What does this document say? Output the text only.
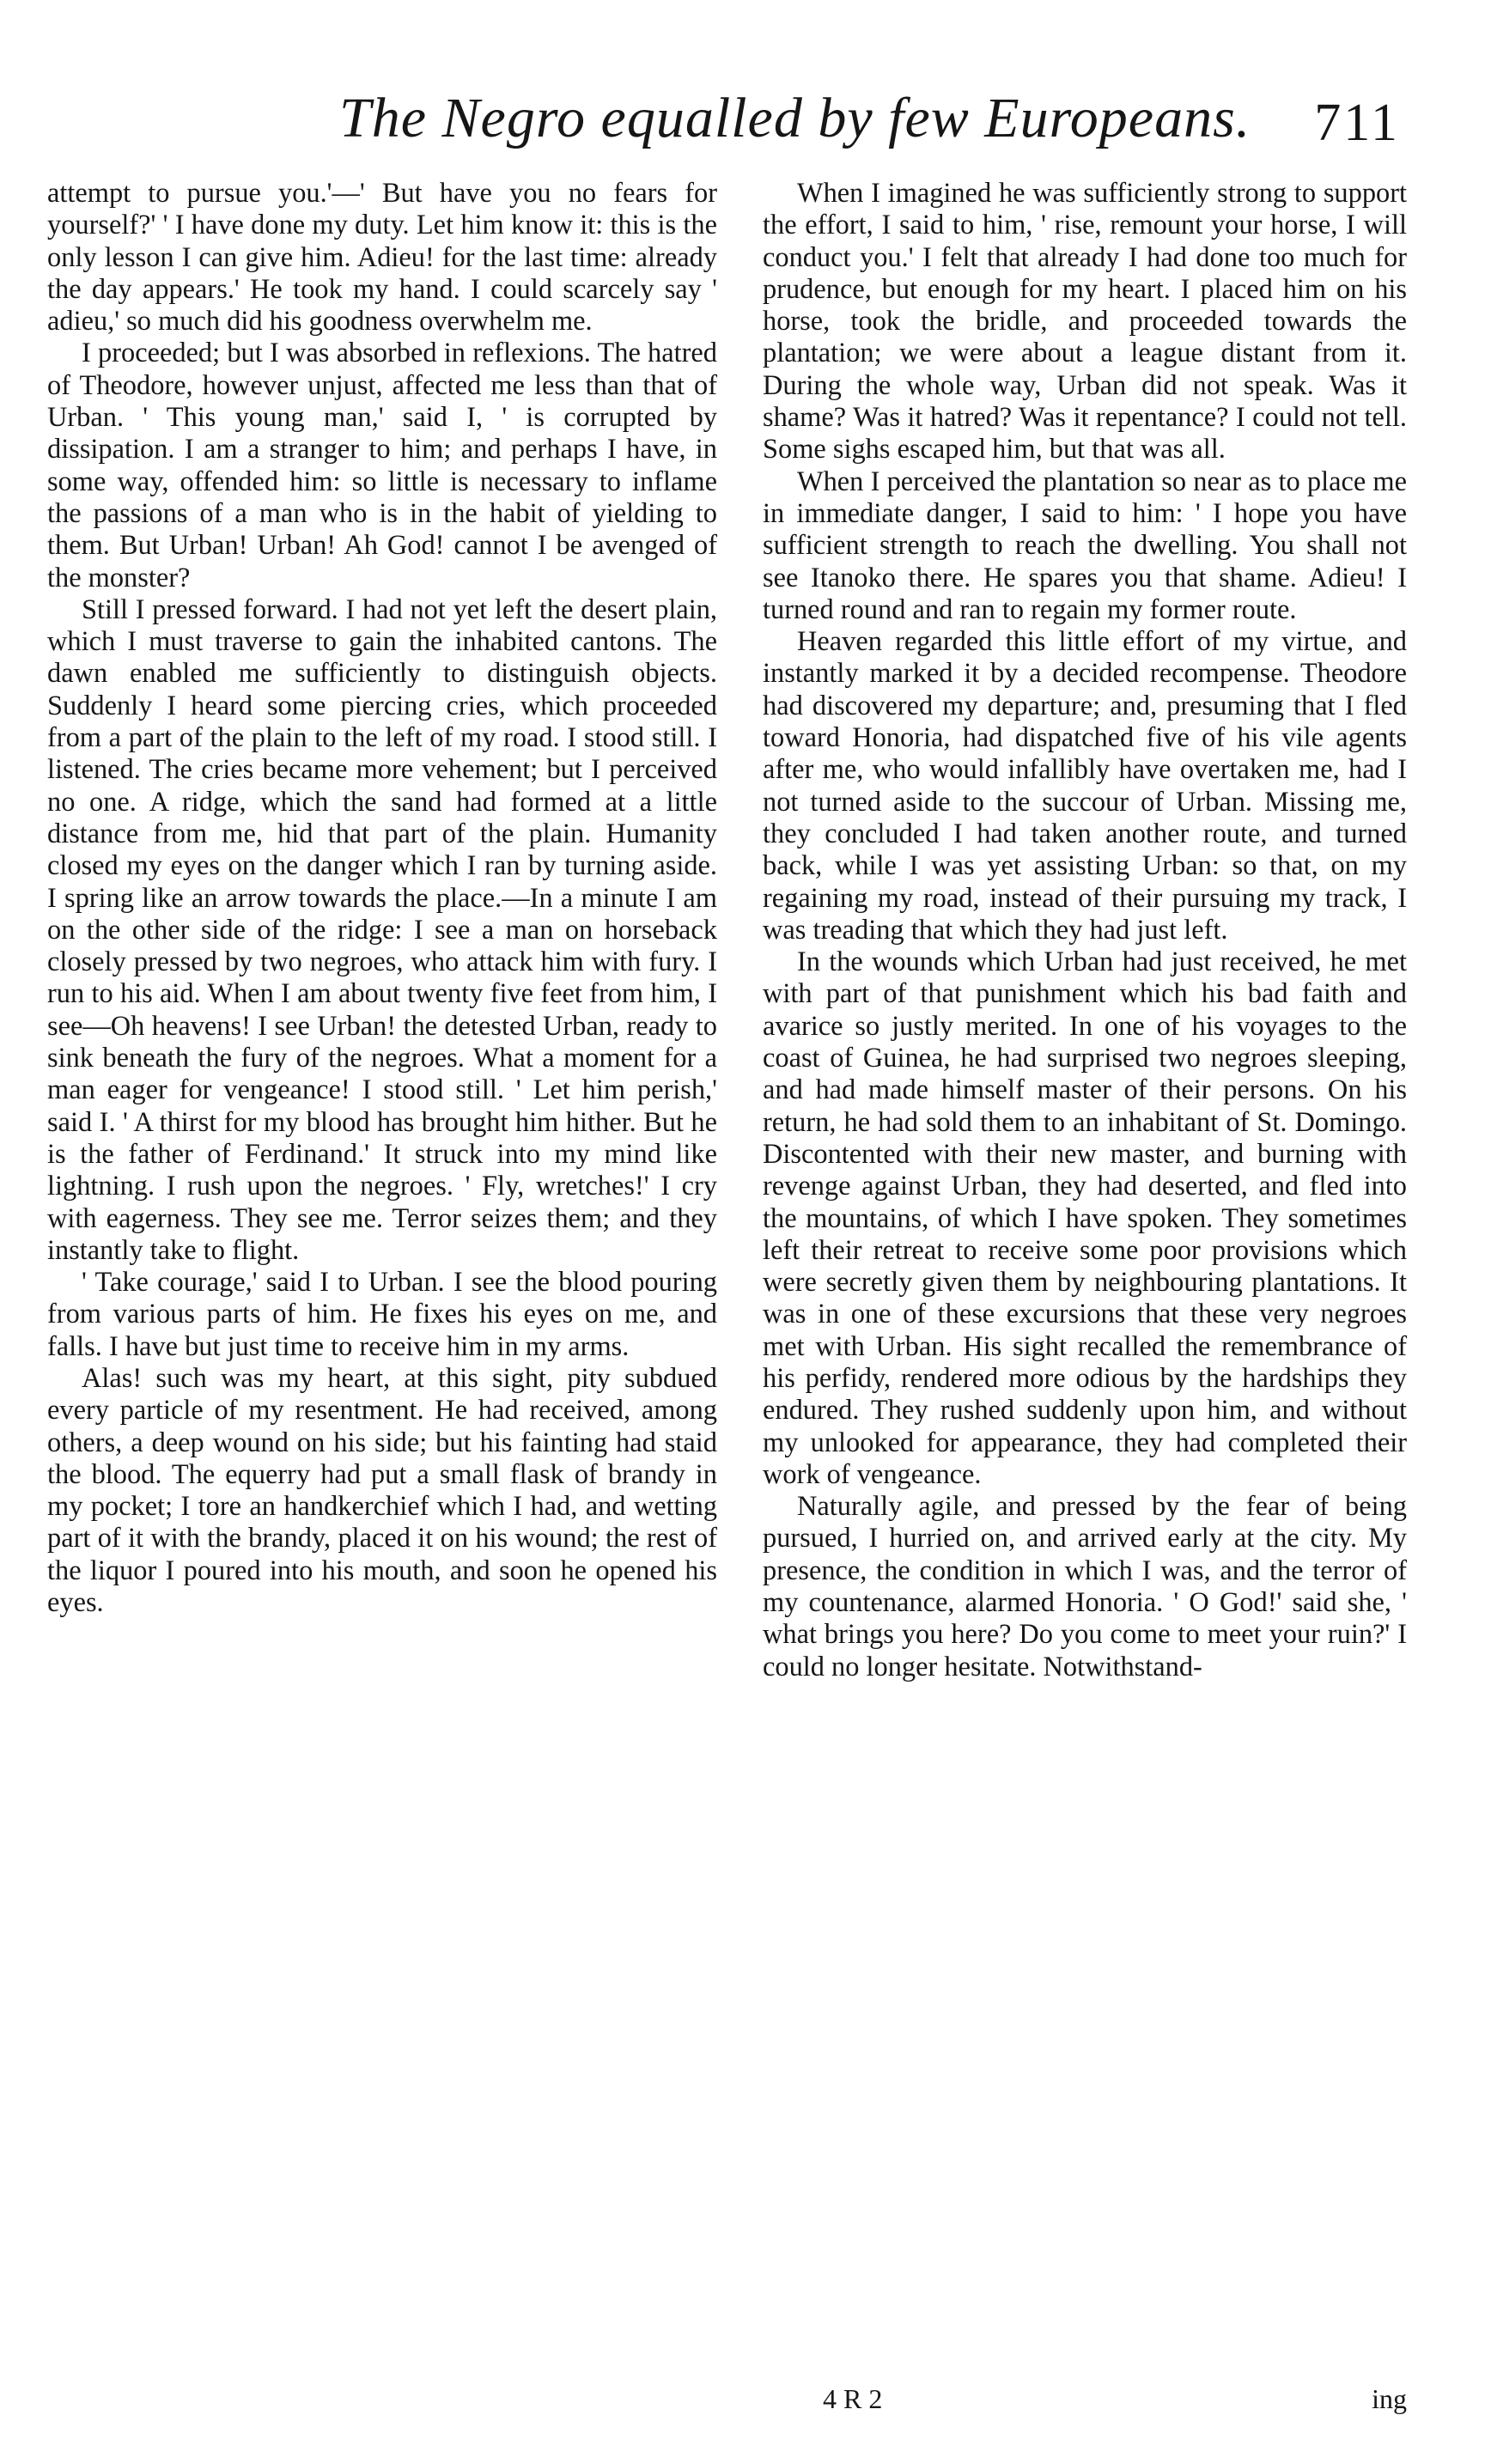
The Negro equalled by few Europeans. 711

attempt to pursue you.'—' But have you no fears for yourself?' ' I have done my duty. Let him know it: this is the only lesson I can give him. Adieu! for the last time: already the day appears.' He took my hand. I could scarcely say ' adieu,' so much did his goodness overwhelm me.

I proceeded; but I was absorbed in reflexions. The hatred of Theodore, however unjust, affected me less than that of Urban. ' This young man,' said I, ' is corrupted by dissipation. I am a stranger to him; and perhaps I have, in some way, offended him: so little is necessary to inflame the passions of a man who is in the habit of yielding to them. But Urban! Urban! Ah God! cannot I be avenged of the monster?

Still I pressed forward. I had not yet left the desert plain, which I must traverse to gain the inhabited cantons. The dawn enabled me sufficiently to distinguish objects. Suddenly I heard some piercing cries, which proceeded from a part of the plain to the left of my road. I stood still. I listened. The cries became more vehement; but I perceived no one. A ridge, which the sand had formed at a little distance from me, hid that part of the plain. Humanity closed my eyes on the danger which I ran by turning aside. I spring like an arrow towards the place.—In a minute I am on the other side of the ridge: I see a man on horseback closely pressed by two negroes, who attack him with fury. I run to his aid. When I am about twenty five feet from him, I see—Oh heavens! I see Urban! the detested Urban, ready to sink beneath the fury of the negroes. What a moment for a man eager for vengeance! I stood still. ' Let him perish,' said I. ' A thirst for my blood has brought him hither. But he is the father of Ferdinand.' It struck into my mind like lightning. I rush upon the negroes. ' Fly, wretches!' I cry with eagerness. They see me. Terror seizes them; and they instantly take to flight.

' Take courage,' said I to Urban. I see the blood pouring from various parts of him. He fixes his eyes on me, and falls. I have but just time to receive him in my arms.

Alas! such was my heart, at this sight, pity subdued every particle of my resentment. He had received, among others, a deep wound on his side; but his fainting had staid the blood. The equerry had put a small flask of brandy in my pocket; I tore an handkerchief which I had, and wetting part of it with the brandy, placed it on his wound; the rest of the liquor I poured into his mouth, and soon he opened his eyes.

When I imagined he was sufficiently strong to support the effort, I said to him, ' rise, remount your horse, I will conduct you.' I felt that already I had done too much for prudence, but enough for my heart. I placed him on his horse, took the bridle, and proceeded towards the plantation; we were about a league distant from it. During the whole way, Urban did not speak. Was it shame? Was it hatred? Was it repentance? I could not tell. Some sighs escaped him, but that was all.

When I perceived the plantation so near as to place me in immediate danger, I said to him: ' I hope you have sufficient strength to reach the dwelling. You shall not see Itanoko there. He spares you that shame. Adieu! I turned round and ran to regain my former route.

Heaven regarded this little effort of my virtue, and instantly marked it by a decided recompense. Theodore had discovered my departure; and, presuming that I fled toward Honoria, had dispatched five of his vile agents after me, who would infallibly have overtaken me, had I not turned aside to the succour of Urban. Missing me, they concluded I had taken another route, and turned back, while I was yet assisting Urban: so that, on my regaining my road, instead of their pursuing my track, I was treading that which they had just left.

In the wounds which Urban had just received, he met with part of that punishment which his bad faith and avarice so justly merited. In one of his voyages to the coast of Guinea, he had surprised two negroes sleeping, and had made himself master of their persons. On his return, he had sold them to an inhabitant of St. Domingo. Discontented with their new master, and burning with revenge against Urban, they had deserted, and fled into the mountains, of which I have spoken. They sometimes left their retreat to receive some poor provisions which were secretly given them by neighbouring plantations. It was in one of these excursions that these very negroes met with Urban. His sight recalled the remembrance of his perfidy, rendered more odious by the hardships they endured. They rushed suddenly upon him, and without my unlooked for appearance, they had completed their work of vengeance.

Naturally agile, and pressed by the fear of being pursued, I hurried on, and arrived early at the city. My presence, the condition in which I was, and the terror of my countenance, alarmed Honoria. ' O God!' said she, ' what brings you here? Do you come to meet your ruin?' I could no longer hesitate. Notwithstand-

4 R 2	ing
